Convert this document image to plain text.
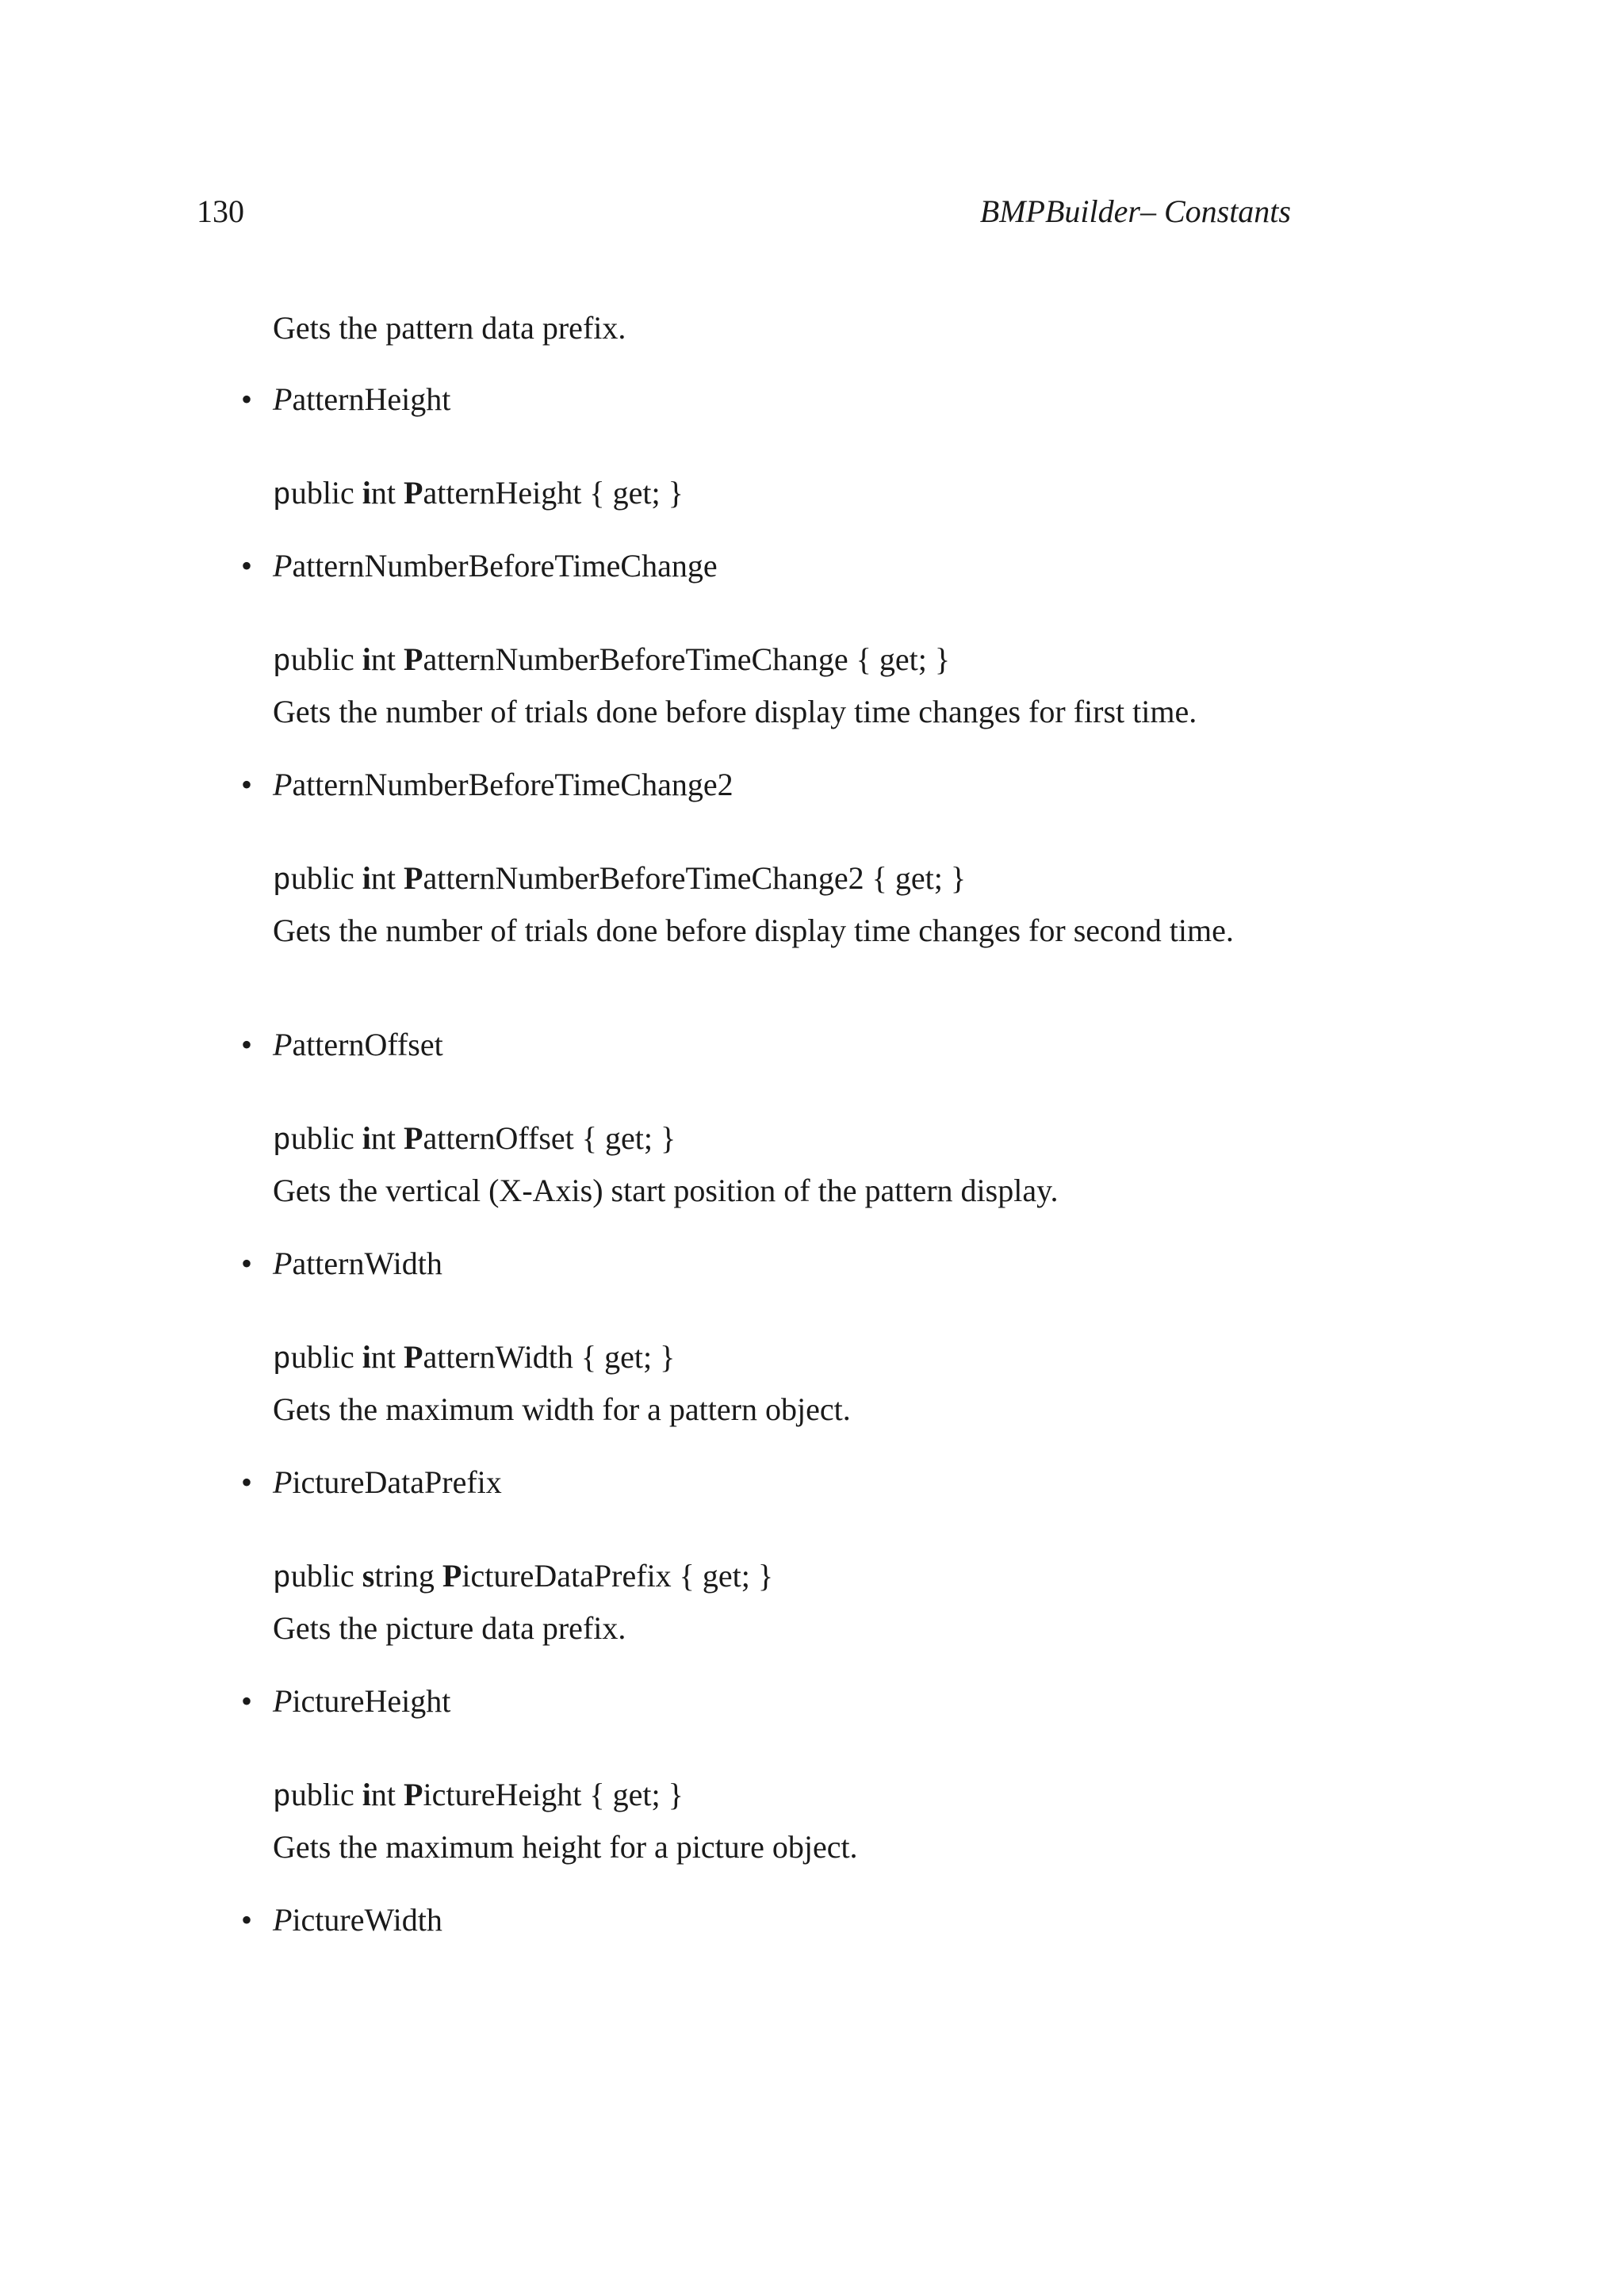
130	BMPBuilder– Constants
Gets the pattern data prefix.
• PatternHeight
public int PatternHeight { get; }
• PatternNumberBeforeTimeChange
public int PatternNumberBeforeTimeChange { get; }
Gets the number of trials done before display time changes for first time.
• PatternNumberBeforeTimeChange2
public int PatternNumberBeforeTimeChange2 { get; }
Gets the number of trials done before display time changes for second time.
• PatternOffset
public int PatternOffset { get; }
Gets the vertical (X-Axis) start position of the pattern display.
• PatternWidth
public int PatternWidth { get; }
Gets the maximum width for a pattern object.
• PictureDataPrefix
public string PictureDataPrefix { get; }
Gets the picture data prefix.
• PictureHeight
public int PictureHeight { get; }
Gets the maximum height for a picture object.
• PictureWidth
